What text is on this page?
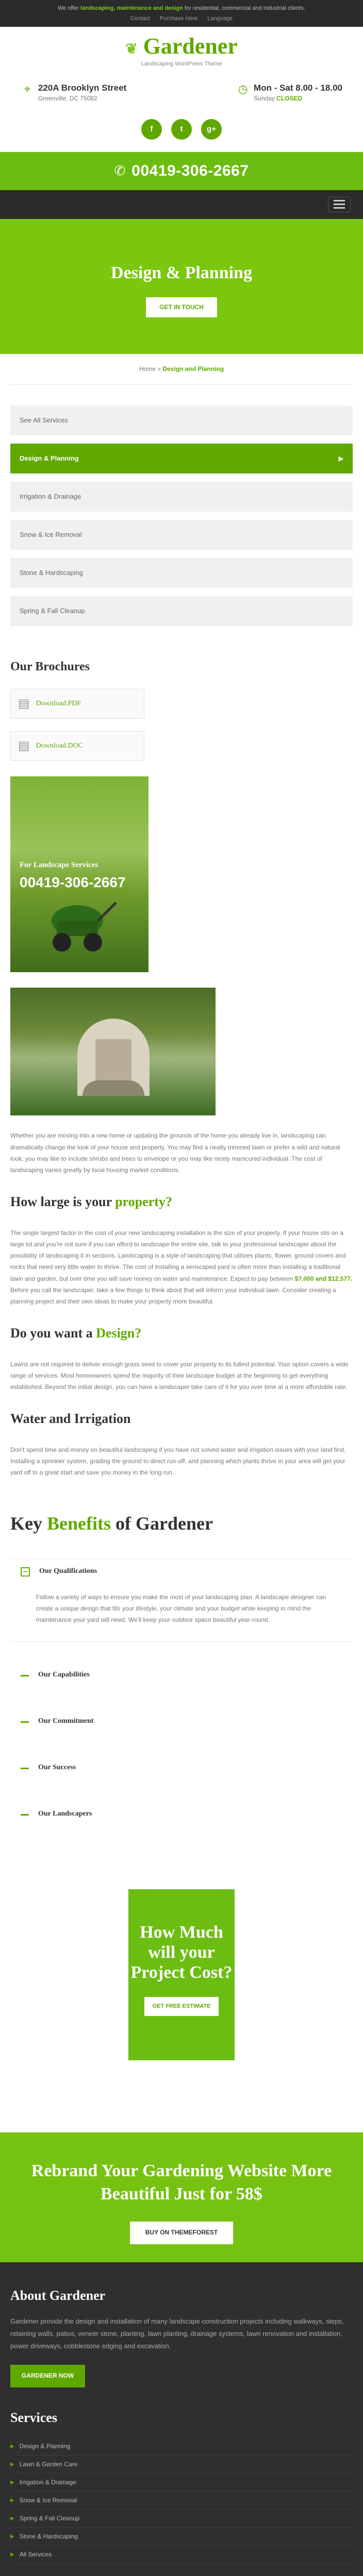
We offer landscaping, maintenance and design for residential, commercial and industrial clients.
Contact Purchase Here Language
❦ Gardener
Landscaping WordPress Theme
⌖ 220A Brooklyn Street
Greenville, DC 75082
◷ Mon - Sat 8.00 - 18.00
Sunday CLOSED
f	t	g+
✆ 00419-306-2667
Design & Planning
GET IN TOUCH
Home » Design and Planning
See All Services
Design & Planning ▶
Irrigation & Drainage
Snow & Ice Removal
Stone & Hardscaping
Spring & Fall Cleanup
Our Brochures
▤ Download.PDF
▤ Download.DOC
For Landscape Services
00419-306-2667

Whether you are moving into a new home or updating the grounds of the home you already live in, landscaping can dramatically change the look of your house and property. You may find a neatly trimmed lawn or prefer a wild and natural look; you may like to include shrubs and trees to envelope or you may like nicely manicured individual. The cost of landscaping varies greatly by local housing market conditions.

How large is your property?

The single largest factor in the cost of your new landscaping installation is the size of your property. If your house sits on a large lot and you're not sure if you can afford to landscape the entire site, talk to your professional landscaper about the possibility of landscaping it in sections. Landscaping is a style of landscaping that utilizes plants, flower, ground covers and rocks that need very little water to thrive. The cost of installing a xeriscaped yard is often more than installing a traditional lawn and garden, but over time you will save money on water and maintenance. Expect to pay between $7,000 and $12,577. Before you call the landscaper, take a few things to think about that will inform your individual lawn. Consider creating a planning project and their own ideas to make your property more beautiful.

Do you want a Design?

Lawns are not required to deliver enough grass seed to cover your property to its fullest potential. Your option covers a wide range of services. Most homeowners spend the majority of their landscape budget at the beginning to get everything established. Beyond the initial design, you can have a landscaper take care of it for you over time at a more affordable rate.

Water and Irrigation

Don't spend time and money on beautiful landscaping if you have not solved water and irrigation issues with your land first. Installing a sprinkler system, grading the ground to direct run-off, and planning which plants thrive in your area will get your yard off to a great start and save you money in the long run.

Key Benefits of Gardener
−	Our Qualifications
Follow a variety of ways to ensure you make the most of your landscaping plan. A landscape designer can create a unique design that fits your lifestyle, your climate and your budget while keeping in mind the maintenance your yard will need. We'll keep your outdoor space beautiful year-round.
Our Capabilities
Our Commitment
Our Success
Our Landscapers
How Much will your Project Cost?
GET FREE ESTIMATE
Rebrand Your Gardening Website More Beautiful Just for 58$
BUY ON THEMEFOREST
About Gardener

Gardener provide the design and installation of many landscape construction projects including walkways, steps, retaining walls, patios, veneer stone, planting, lawn planting, drainage systems, lawn renovation and installation, power driveways, cobblestone edging and excavation.

GARDENER NOW
Services
▶ Design & Planning
▶ Lawn & Garden Care
▶ Irrigation & Drainage
▶ Snow & Ice Removal
▶ Spring & Fall Cleanup
▶ Stone & Hardscaping
▶ All Services
